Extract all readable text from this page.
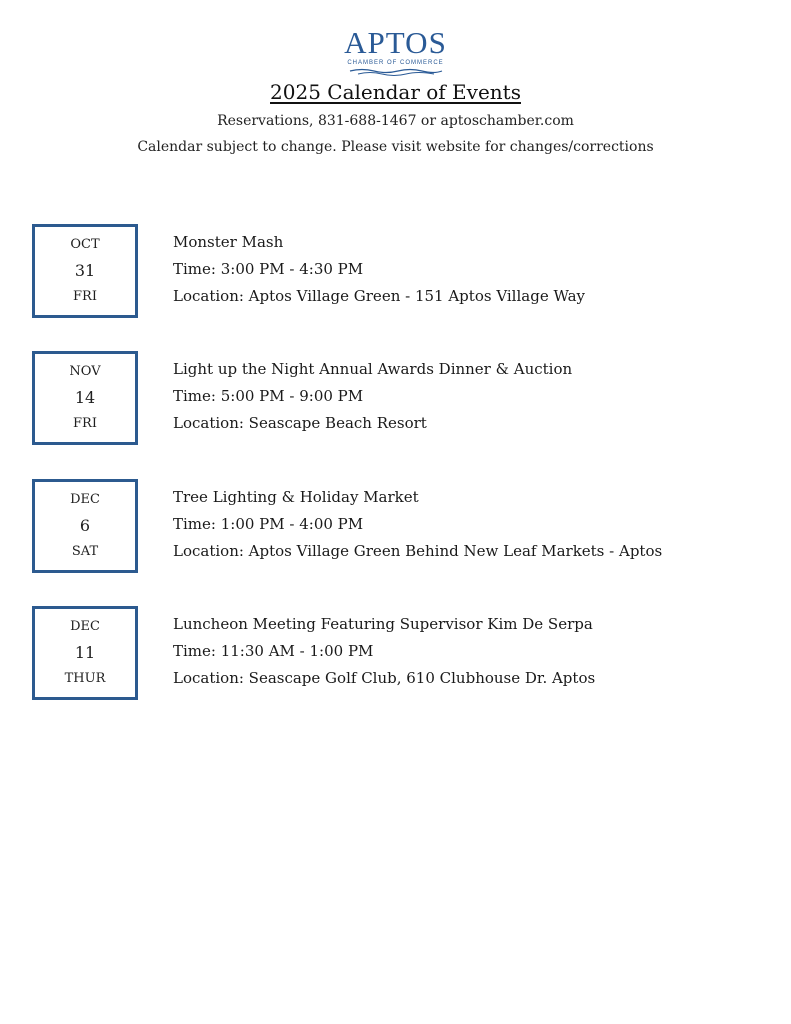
APTOS
CHAMBER OF COMMERCE
2025 Calendar of Events
Reservations, 831-688-1467 or aptoschamber.com
Calendar subject to change. Please visit website for changes/corrections
OCT
31
FRI
Monster Mash
Time: 3:00 PM - 4:30 PM
Location: Aptos Village Green - 151 Aptos Village Way
NOV
14
FRI
Light up the Night Annual Awards Dinner & Auction
Time: 5:00 PM - 9:00 PM
Location: Seascape Beach Resort
DEC
6
SAT
Tree Lighting & Holiday Market
Time: 1:00 PM - 4:00 PM
Location: Aptos Village Green Behind New Leaf Markets - Aptos
DEC
11
THUR
Luncheon Meeting Featuring Supervisor Kim De Serpa
Time: 11:30 AM - 1:00 PM
Location: Seascape Golf Club, 610 Clubhouse Dr. Aptos
